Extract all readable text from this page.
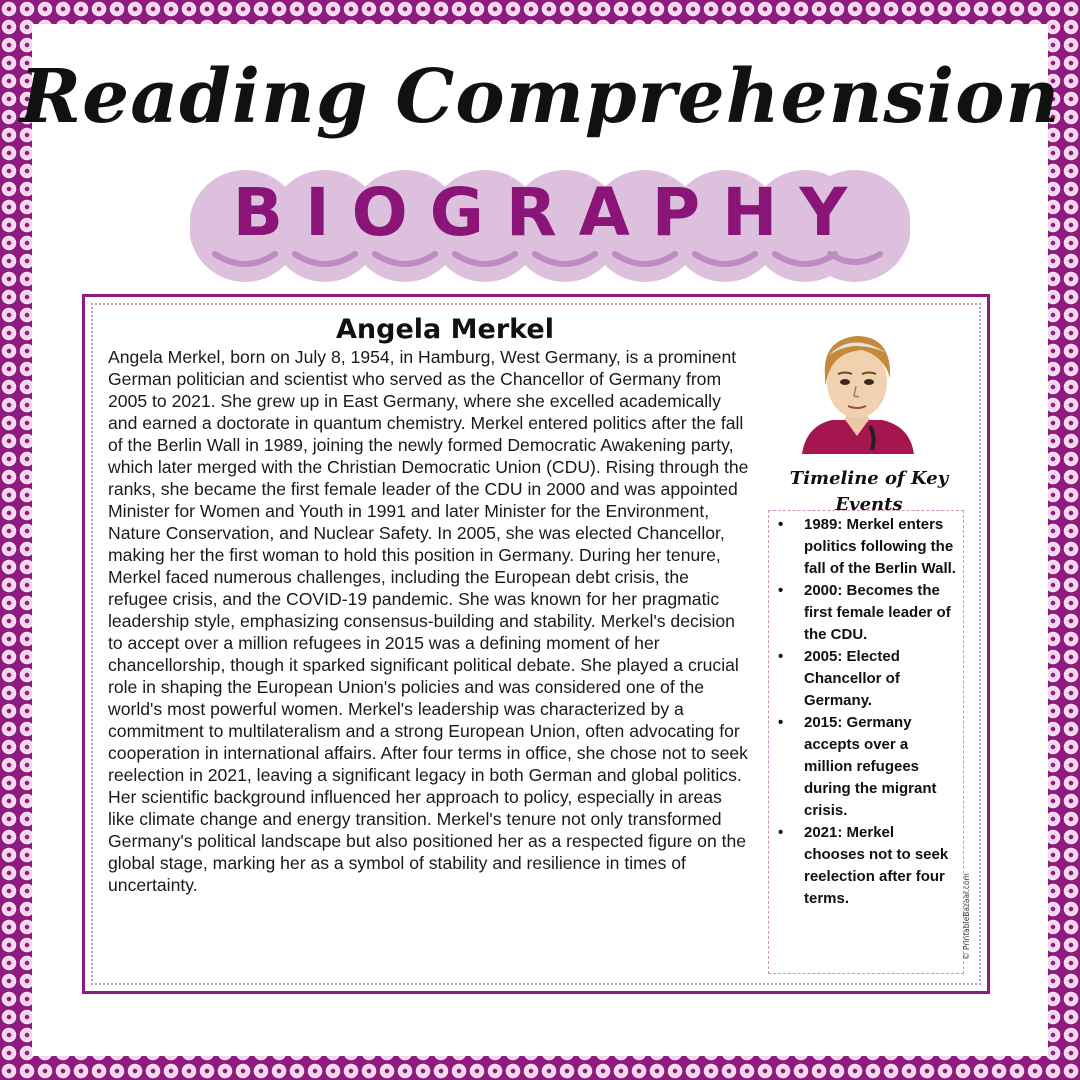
Reading Comprehension
BIOGRAPHY
Angela Merkel

Angela Merkel, born on July 8, 1954, in Hamburg, West Germany, is a prominent German politician and scientist who served as the Chancellor of Germany from 2005 to 2021. She grew up in East Germany, where she excelled academically and earned a doctorate in quantum chemistry. Merkel entered politics after the fall of the Berlin Wall in 1989, joining the newly formed Democratic Awakening party, which later merged with the Christian Democratic Union (CDU). Rising through the ranks, she became the first female leader of the CDU in 2000 and was appointed Minister for Women and Youth in 1991 and later Minister for the Environment, Nature Conservation, and Nuclear Safety. In 2005, she was elected Chancellor, making her the first woman to hold this position in Germany. During her tenure, Merkel faced numerous challenges, including the European debt crisis, the refugee crisis, and the COVID-19 pandemic. She was known for her pragmatic leadership style, emphasizing consensus-building and stability. Merkel's decision to accept over a million refugees in 2015 was a defining moment of her chancellorship, though it sparked significant political debate. She played a crucial role in shaping the European Union's policies and was considered one of the world's most powerful women. Merkel's leadership was characterized by a commitment to multilateralism and a strong European Union, often advocating for cooperation in international affairs. After four terms in office, she chose not to seek reelection in 2021, leaving a significant legacy in both German and global politics. Her scientific background influenced her approach to policy, especially in areas like climate change and energy transition. Merkel's tenure not only transformed Germany's political landscape but also positioned her as a respected figure on the global stage, marking her as a symbol of stability and resilience in times of uncertainty.

Timeline of Key Events
• 1989: Merkel enters politics following the fall of the Berlin Wall.
• 2000: Becomes the first female leader of the CDU.
• 2005: Elected Chancellor of Germany.
• 2015: Germany accepts over a million refugees during the migrant crisis.
• 2021: Merkel chooses not to seek reelection after four terms.	© PrintableBazaar.com
